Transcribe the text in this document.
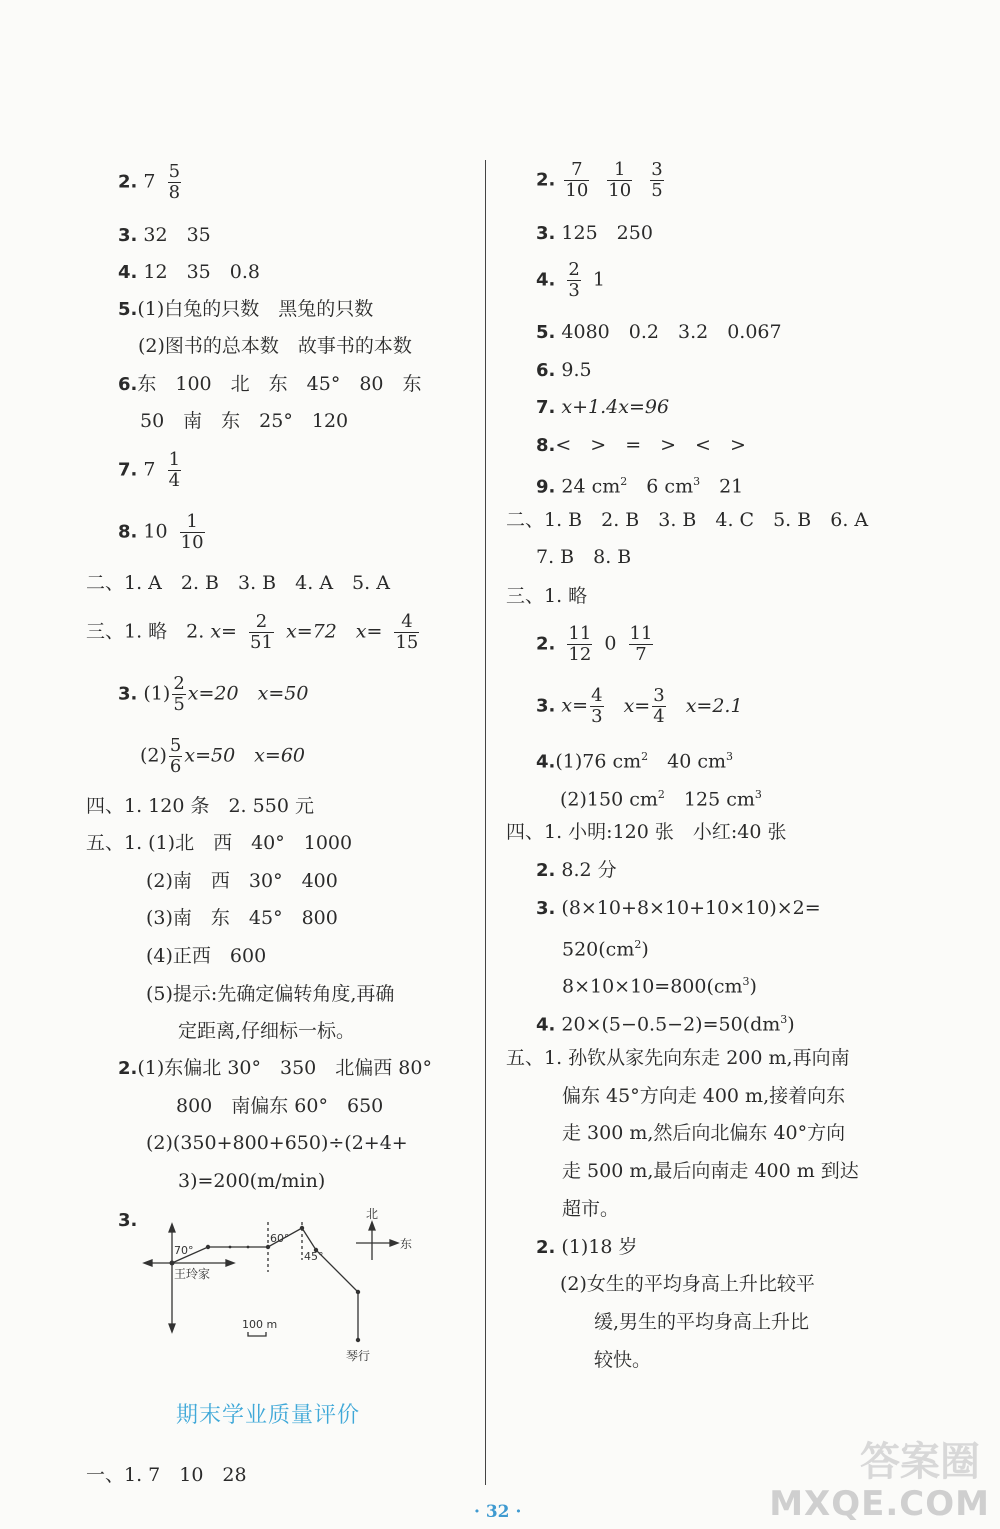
2. $7 \frac{5}{8}$
3. 32　35
4. 12　35　0.8
5.(1)白兔的只数　黑兔的只数
(2)图书的总本数　故事书的本数
6.东　100　北　东　45°　80　东
50　南　东　25°　120
7. $7 \frac{1}{4}$
8. $10 \frac{1}{10}$
二、1. A　2. B　3. B　4. A　5. A
三、1. 略　2. $x= \frac{2}{51} x=72$　$x= \frac{4}{15}$
3. $(1) \frac{2}{5} x=20$　x=50
$(2) \frac{5}{6} x=50$　x=60
四、1. 120 条　2. 550 元
五、1. (1)北　西　40°　1000
(2)南　西　30°　400
(3)南　东　45°　800
(4)正西　600
(5)提示:先确定偏转角度,再确
定距离,仔细标一标。
2.(1)东偏北 30°　350　北偏西 80°
800　南偏东 60°　650
(2)(350+800+650)÷(2+4+
3)=200(m/min)
3.
70°
60°
45°
王玲家
北
东
100 m
琴行
期末学业质量评价
一、1. 7　10　28
2. $\frac{7}{10} \frac{1}{10} \frac{3}{5}$
3. 125　250
4. $\frac{2}{3} 1$
5. 4080　0.2　3.2　0.067
6. 9.5
7. x+1.4x=96
8.<　>　=　>　<　>
9. 24 $cm^2$　6 $cm^3$　21
二、1. B　2. B　3. B　4. C　5. B　6. A
7. B　8. B
三、1. 略
2. $\frac{11}{12} 0 \frac{11}{7}$
3. $x= \frac{4}{3} x= \frac{3}{4} x=2.1$
4.(1)76 $cm^2$　40 $cm^3$
(2)150 $cm^2$　125 $cm^3$
四、1. 小明:120 张　小红:40 张
2. 8.2 分
3. (8×10+8×10+10×10)×2=
$520(cm^2)$
$8\times 10\times 10=800(cm^3)$
4. $20\times(5-0.5-2)=50(dm^3)$
五、1. 孙钦从家先向东走 200 m,再向南
偏东 45°方向走 400 m,接着向东
走 300 m,然后向北偏东 40°方向
走 500 m,最后向南走 400 m 到达
超市。
2. (1)18 岁
(2)女生的平均身高上升比较平
缓,男生的平均身高上升比
较快。
· 32 ·
答案圈
MXQE.COM
